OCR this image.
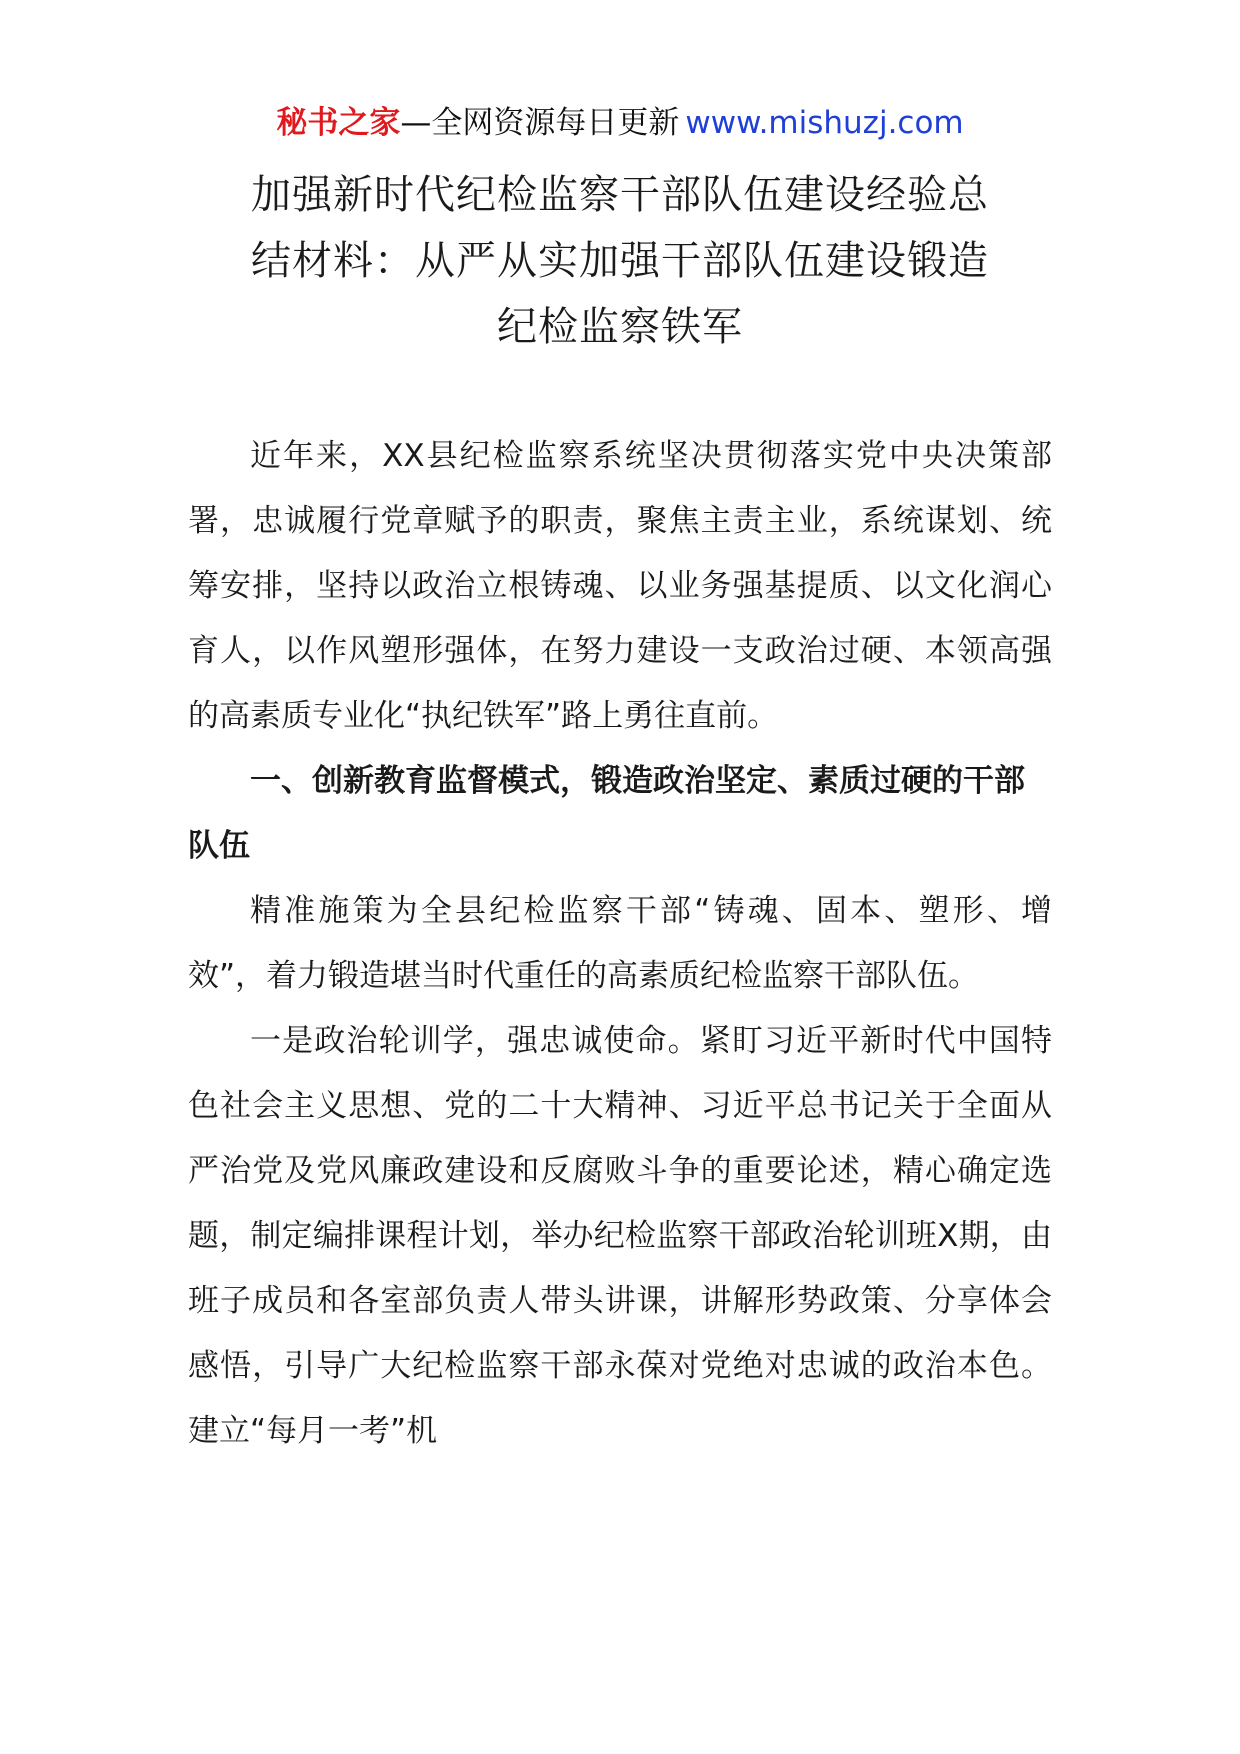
秘书之家—全网资源每日更新 www.mishuzj.com
加强新时代纪检监察干部队伍建设经验总
结材料：从严从实加强干部队伍建设锻造
纪检监察铁军

近年来，XX县纪检监察系统坚决贯彻落实党中央决策部署，忠诚履行党章赋予的职责，聚焦主责主业，系统谋划、统筹安排，坚持以政治立根铸魂、以业务强基提质、以文化润心育人，以作风塑形强体，在努力建设一支政治过硬、本领高强的高素质专业化“执纪铁军”路上勇往直前。

一、创新教育监督模式，锻造政治坚定、素质过硬的干部队伍

精准施策为全县纪检监察干部“铸魂、固本、塑形、增效”，着力锻造堪当时代重任的高素质纪检监察干部队伍。

一是政治轮训学，强忠诚使命。紧盯习近平新时代中国特色社会主义思想、党的二十大精神、习近平总书记关于全面从严治党及党风廉政建设和反腐败斗争的重要论述，精心确定选题，制定编排课程计划，举办纪检监察干部政治轮训班X期，由班子成员和各室部负责人带头讲课，讲解形势政策、分享体会感悟，引导广大纪检监察干部永葆对党绝对忠诚的政治本色。建立“每月一考”机
